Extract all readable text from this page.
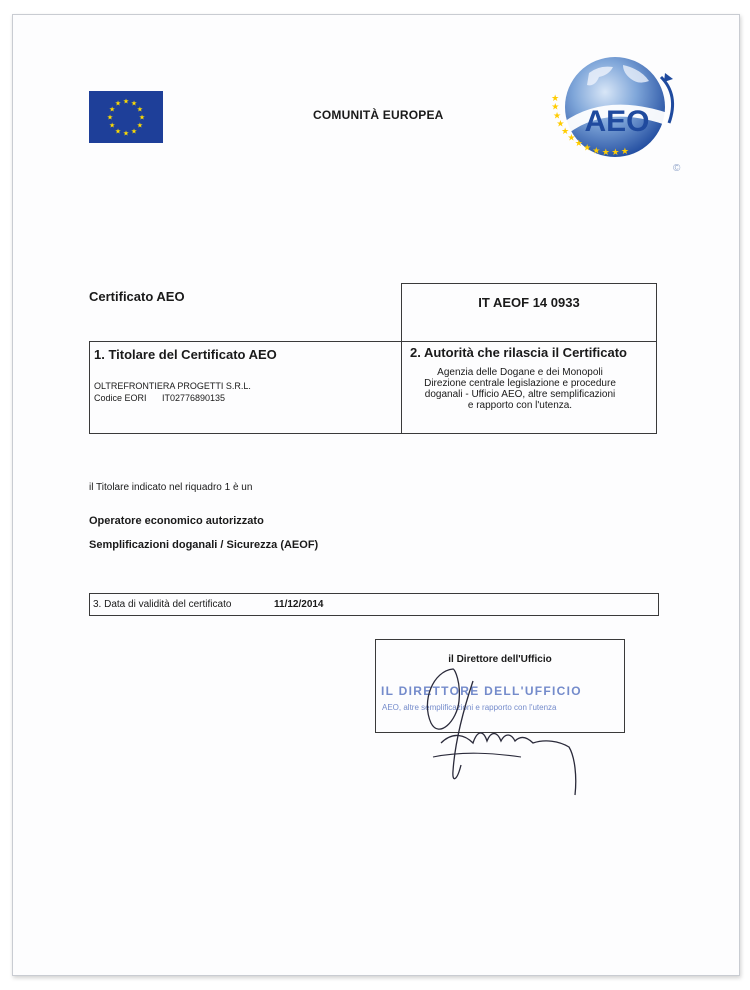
★ ★
★
★
★
★
★
★
★
★
★
★
COMUNITÀ EUROPEA	AEO
★
★
★
★
★
★
★
★
★
★
★
★
©
Certificato AEO	IT AEOF 14 0933
1. Titolare del Certificato AEO
OLTREFRONTIERA PROGETTI S.R.L.
Codice EORI IT02776890135
2. Autorità che rilascia il Certificato
Agenzia delle Dogane e dei Monopoli
Direzione centrale legislazione e procedure
doganali - Ufficio AEO, altre semplificazioni
e rapporto con l'utenza.
il Titolare indicato nel riquadro 1 è un
Operatore economico autorizzato
Semplificazioni doganali / Sicurezza (AEOF)
3. Data di validità del certificato	11/12/2014
il Direttore dell'Ufficio
IL DIRETTORE DELL'UFFICIO
AEO, altre semplificazioni e rapporto con l'utenza
